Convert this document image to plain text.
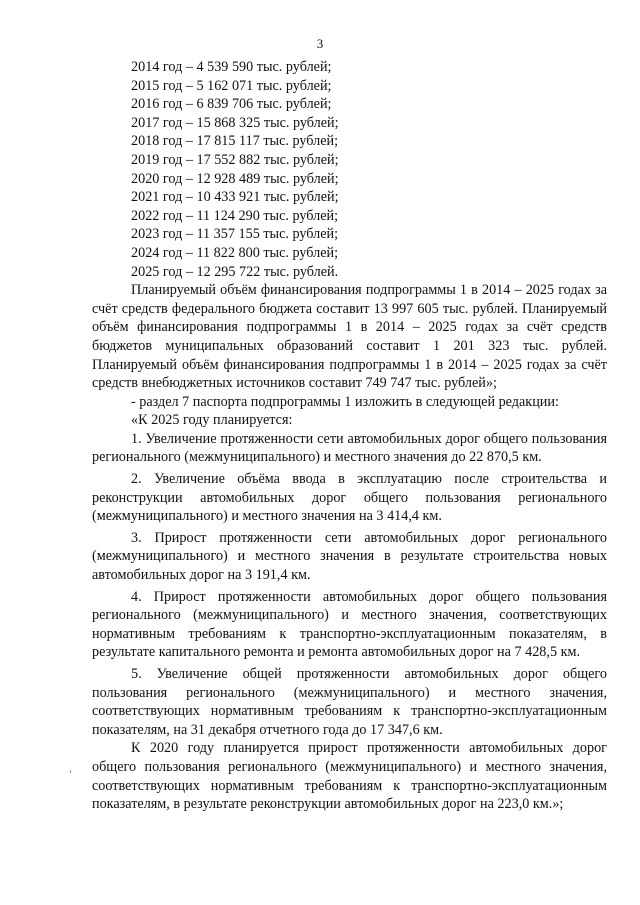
3
2014 год – 4 539 590 тыс. рублей;
2015 год – 5 162 071 тыс. рублей;
2016 год – 6 839 706 тыс. рублей;
2017 год – 15 868 325 тыс. рублей;
2018 год – 17 815 117 тыс. рублей;
2019 год – 17 552 882 тыс. рублей;
2020 год – 12 928 489 тыс. рублей;
2021 год – 10 433 921 тыс. рублей;
2022 год – 11 124 290 тыс. рублей;
2023 год – 11 357 155 тыс. рублей;
2024 год – 11 822 800 тыс. рублей;
2025 год – 12 295 722 тыс. рублей.

Планируемый объём финансирования подпрограммы 1 в 2014 – 2025 годах за счёт средств федерального бюджета составит 13 997 605 тыс. рублей. Планируемый объём финансирования подпрограммы 1 в 2014 – 2025 годах за счёт средств бюджетов муниципальных образований составит 1 201 323 тыс. рублей. Планируемый объём финансирования подпрограммы 1 в 2014 – 2025 годах за счёт средств внебюджетных источников составит 749 747 тыс. рублей»;

- раздел 7 паспорта подпрограммы 1 изложить в следующей редакции:

«К 2025 году планируется:

1. Увеличение протяженности сети автомобильных дорог общего пользования регионального (межмуниципального) и местного значения до 22 870,5 км.

2. Увеличение объёма ввода в эксплуатацию после строительства и реконструкции автомобильных дорог общего пользования регионального (межмуниципального) и местного значения на 3 414,4 км.

3. Прирост протяженности сети автомобильных дорог регионального (межмуниципального) и местного значения в результате строительства новых автомобильных дорог на 3 191,4 км.

4. Прирост протяженности автомобильных дорог общего пользования регионального (межмуниципального) и местного значения, соответствующих нормативным требованиям к транспортно-эксплуатационным показателям, в результате капитального ремонта и ремонта автомобильных дорог на 7 428,5 км.

5. Увеличение общей протяженности автомобильных дорог общего пользования регионального (межмуниципального) и местного значения, соответствующих нормативным требованиям к транспортно-эксплуатационным показателям, на 31 декабря отчетного года до 17 347,6 км.

К 2020 году планируется прирост протяженности автомобильных дорог общего пользования регионального (межмуниципального) и местного значения, соответствующих нормативным требованиям к транспортно-эксплуатационным показателям, в результате реконструкции автомобильных дорог на 223,0 км.»;
